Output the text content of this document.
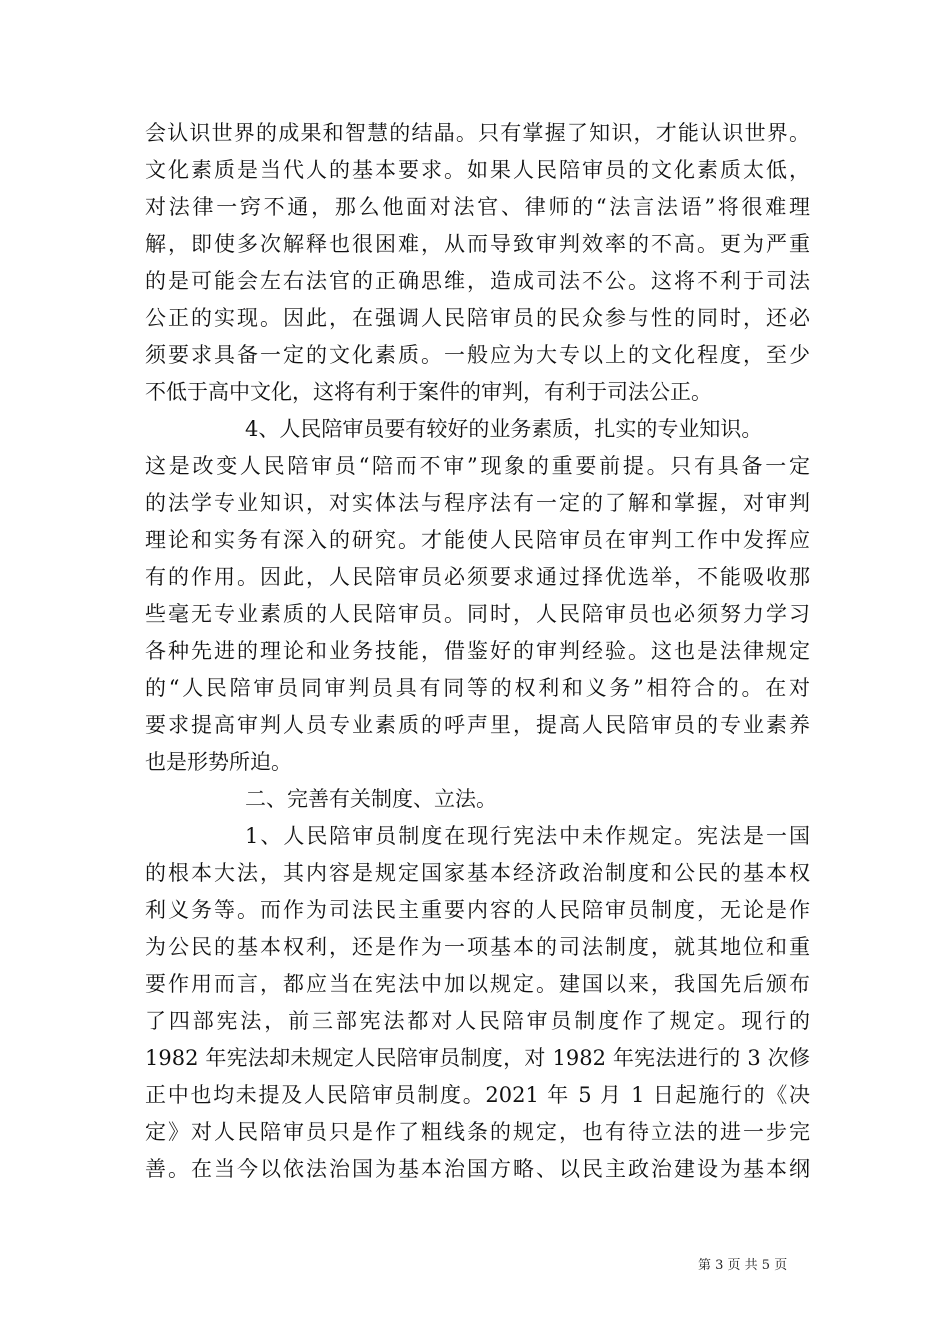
会认识世界的成果和智慧的结晶。只有掌握了知识，才能认识世界。
文化素质是当代人的基本要求。如果人民陪审员的文化素质太低，
对法律一窍不通，那么他面对法官、律师的“法言法语”将很难理
解，即使多次解释也很困难，从而导致审判效率的不高。更为严重
的是可能会左右法官的正确思维，造成司法不公。这将不利于司法
公正的实现。因此，在强调人民陪审员的民众参与性的同时，还必
须要求具备一定的文化素质。一般应为大专以上的文化程度，至少
不低于高中文化，这将有利于案件的审判，有利于司法公正。
4、人民陪审员要有较好的业务素质，扎实的专业知识。
这是改变人民陪审员“陪而不审”现象的重要前提。只有具备一定
的法学专业知识，对实体法与程序法有一定的了解和掌握，对审判
理论和实务有深入的研究。才能使人民陪审员在审判工作中发挥应
有的作用。因此，人民陪审员必须要求通过择优选举，不能吸收那
些毫无专业素质的人民陪审员。同时，人民陪审员也必须努力学习
各种先进的理论和业务技能，借鉴好的审判经验。这也是法律规定
的“人民陪审员同审判员具有同等的权利和义务”相符合的。在对
要求提高审判人员专业素质的呼声里，提高人民陪审员的专业素养
也是形势所迫。
二、完善有关制度、立法。
1、人民陪审员制度在现行宪法中未作规定。宪法是一国
的根本大法，其内容是规定国家基本经济政治制度和公民的基本权
利义务等。而作为司法民主重要内容的人民陪审员制度，无论是作
为公民的基本权利，还是作为一项基本的司法制度，就其地位和重
要作用而言，都应当在宪法中加以规定。建国以来，我国先后颁布
了四部宪法，前三部宪法都对人民陪审员制度作了规定。现行的
1982 年宪法却未规定人民陪审员制度，对 1982 年宪法进行的 3 次修
正中也均未提及人民陪审员制度。2021 年 5 月 1 日起施行的《决
定》对人民陪审员只是作了粗线条的规定，也有待立法的进一步完
善。在当今以依法治国为基本治国方略、以民主政治建设为基本纲
第 3 页 共 5 页
